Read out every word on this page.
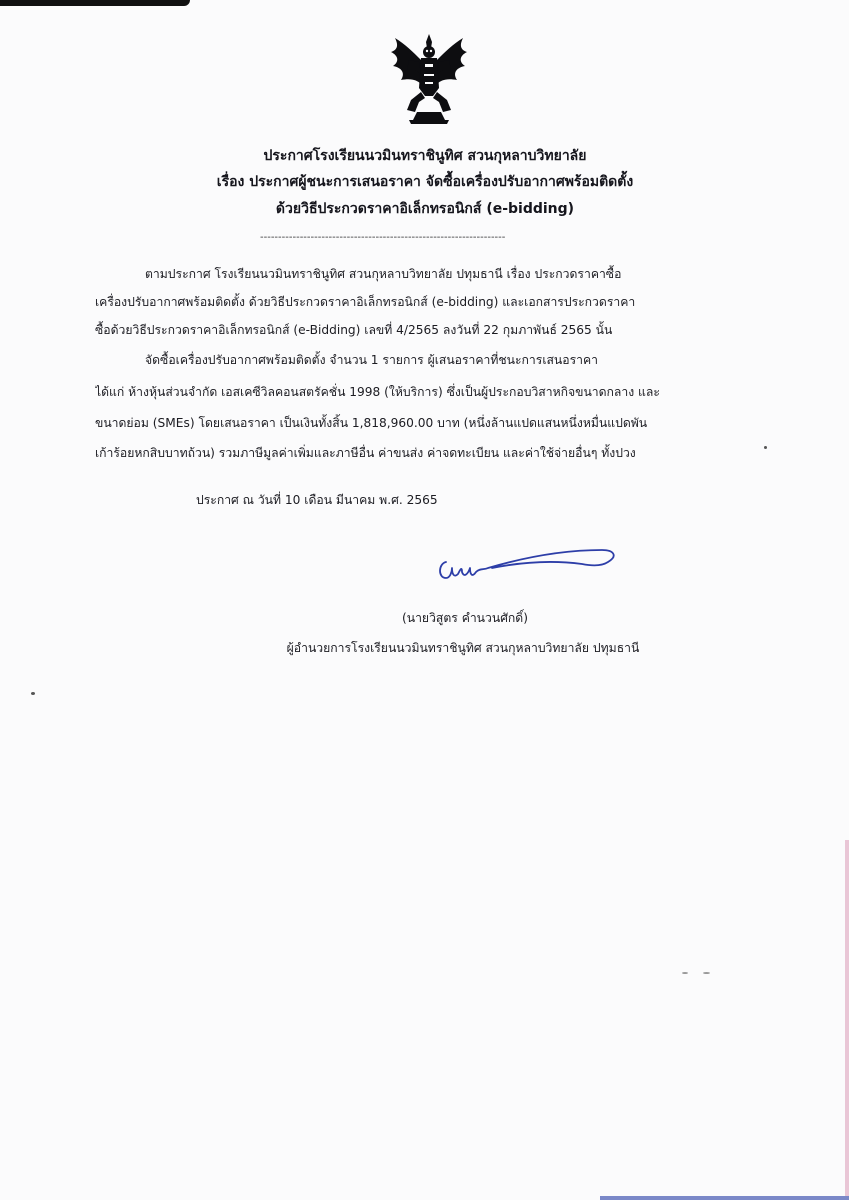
ประกาศโรงเรียนนวมินทราชินูทิศ สวนกุหลาบวิทยาลัย
เรื่อง ประกาศผู้ชนะการเสนอราคา จัดซื้อเครื่องปรับอากาศพร้อมติดตั้ง
ด้วยวิธีประกวดราคาอิเล็กทรอนิกส์ (e-bidding)
--------------------------------------------------------------------
ตามประกาศ โรงเรียนนวมินทราชินูทิศ สวนกุหลาบวิทยาลัย ปทุมธานี เรื่อง ประกวดราคาซื้อ
เครื่องปรับอากาศพร้อมติดตั้ง ด้วยวิธีประกวดราคาอิเล็กทรอนิกส์ (e-bidding) และเอกสารประกวดราคา
ซื้อด้วยวิธีประกวดราคาอิเล็กทรอนิกส์ (e-Bidding) เลขที่ 4/2565 ลงวันที่ 22 กุมภาพันธ์ 2565 นั้น
จัดซื้อเครื่องปรับอากาศพร้อมติดตั้ง จำนวน 1 รายการ ผู้เสนอราคาที่ชนะการเสนอราคา
ได้แก่ ห้างหุ้นส่วนจำกัด เอสเคซีวิลคอนสตรัคชั่น 1998 (ให้บริการ) ซึ่งเป็นผู้ประกอบวิสาหกิจขนาดกลาง และ
ขนาดย่อม (SMEs) โดยเสนอราคา เป็นเงินทั้งสิ้น 1,818,960.00 บาท (หนึ่งล้านแปดแสนหนึ่งหมื่นแปดพัน
เก้าร้อยหกสิบบาทถ้วน) รวมภาษีมูลค่าเพิ่มและภาษีอื่น ค่าขนส่ง ค่าจดทะเบียน และค่าใช้จ่ายอื่นๆ ทั้งปวง
ประกาศ ณ วันที่ 10 เดือน มีนาคม พ.ศ. 2565
(นายวิสูตร คำนวนศักดิ์)
ผู้อำนวยการโรงเรียนนวมินทราชินูทิศ สวนกุหลาบวิทยาลัย ปทุมธานี
